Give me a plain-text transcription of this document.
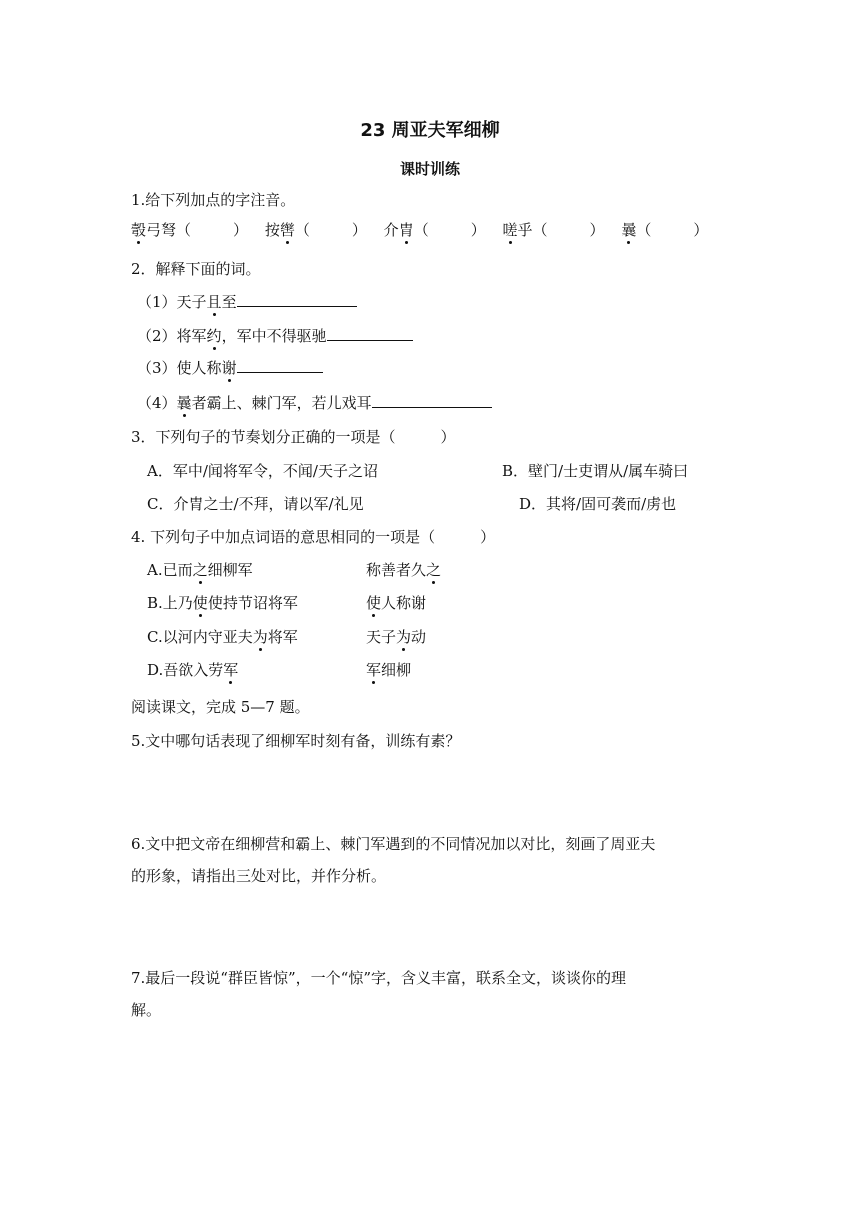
23 周亚夫军细柳
课时训练
1.给下列加点的字注音。
彀弓弩（	） 按辔（	） 介胄（	） 嗟乎（	） 曩（	）
2．解释下面的词。
（1）天子且至
（2）将军约，军中不得驱驰
（3）使人称谢
（4）曩者霸上、棘门军，若儿戏耳
3．下列句子的节奏划分正确的一项是（　　　）
A．军中/闻将军令，不闻/天子之诏	B．壁门/士吏谓从/属车骑曰
C．介胄之士/不拜，请以军/礼见	D．其将/固可袭而/虏也
4. 下列句子中加点词语的意思相同的一项是（　　　）
A.已而之细柳军	称善者久之
B.上乃使使持节诏将军	使人称谢
C.以河内守亚夫为将军	天子为动
D.吾欲入劳军	军细柳
阅读课文，完成 5—7 题。
5.文中哪句话表现了细柳军时刻有备，训练有素？
6.文中把文帝在细柳营和霸上、棘门军遇到的不同情况加以对比，刻画了周亚夫
的形象，请指出三处对比，并作分析。
7.最后一段说“群臣皆惊”，一个“惊”字，含义丰富，联系全文，谈谈你的理
解。
